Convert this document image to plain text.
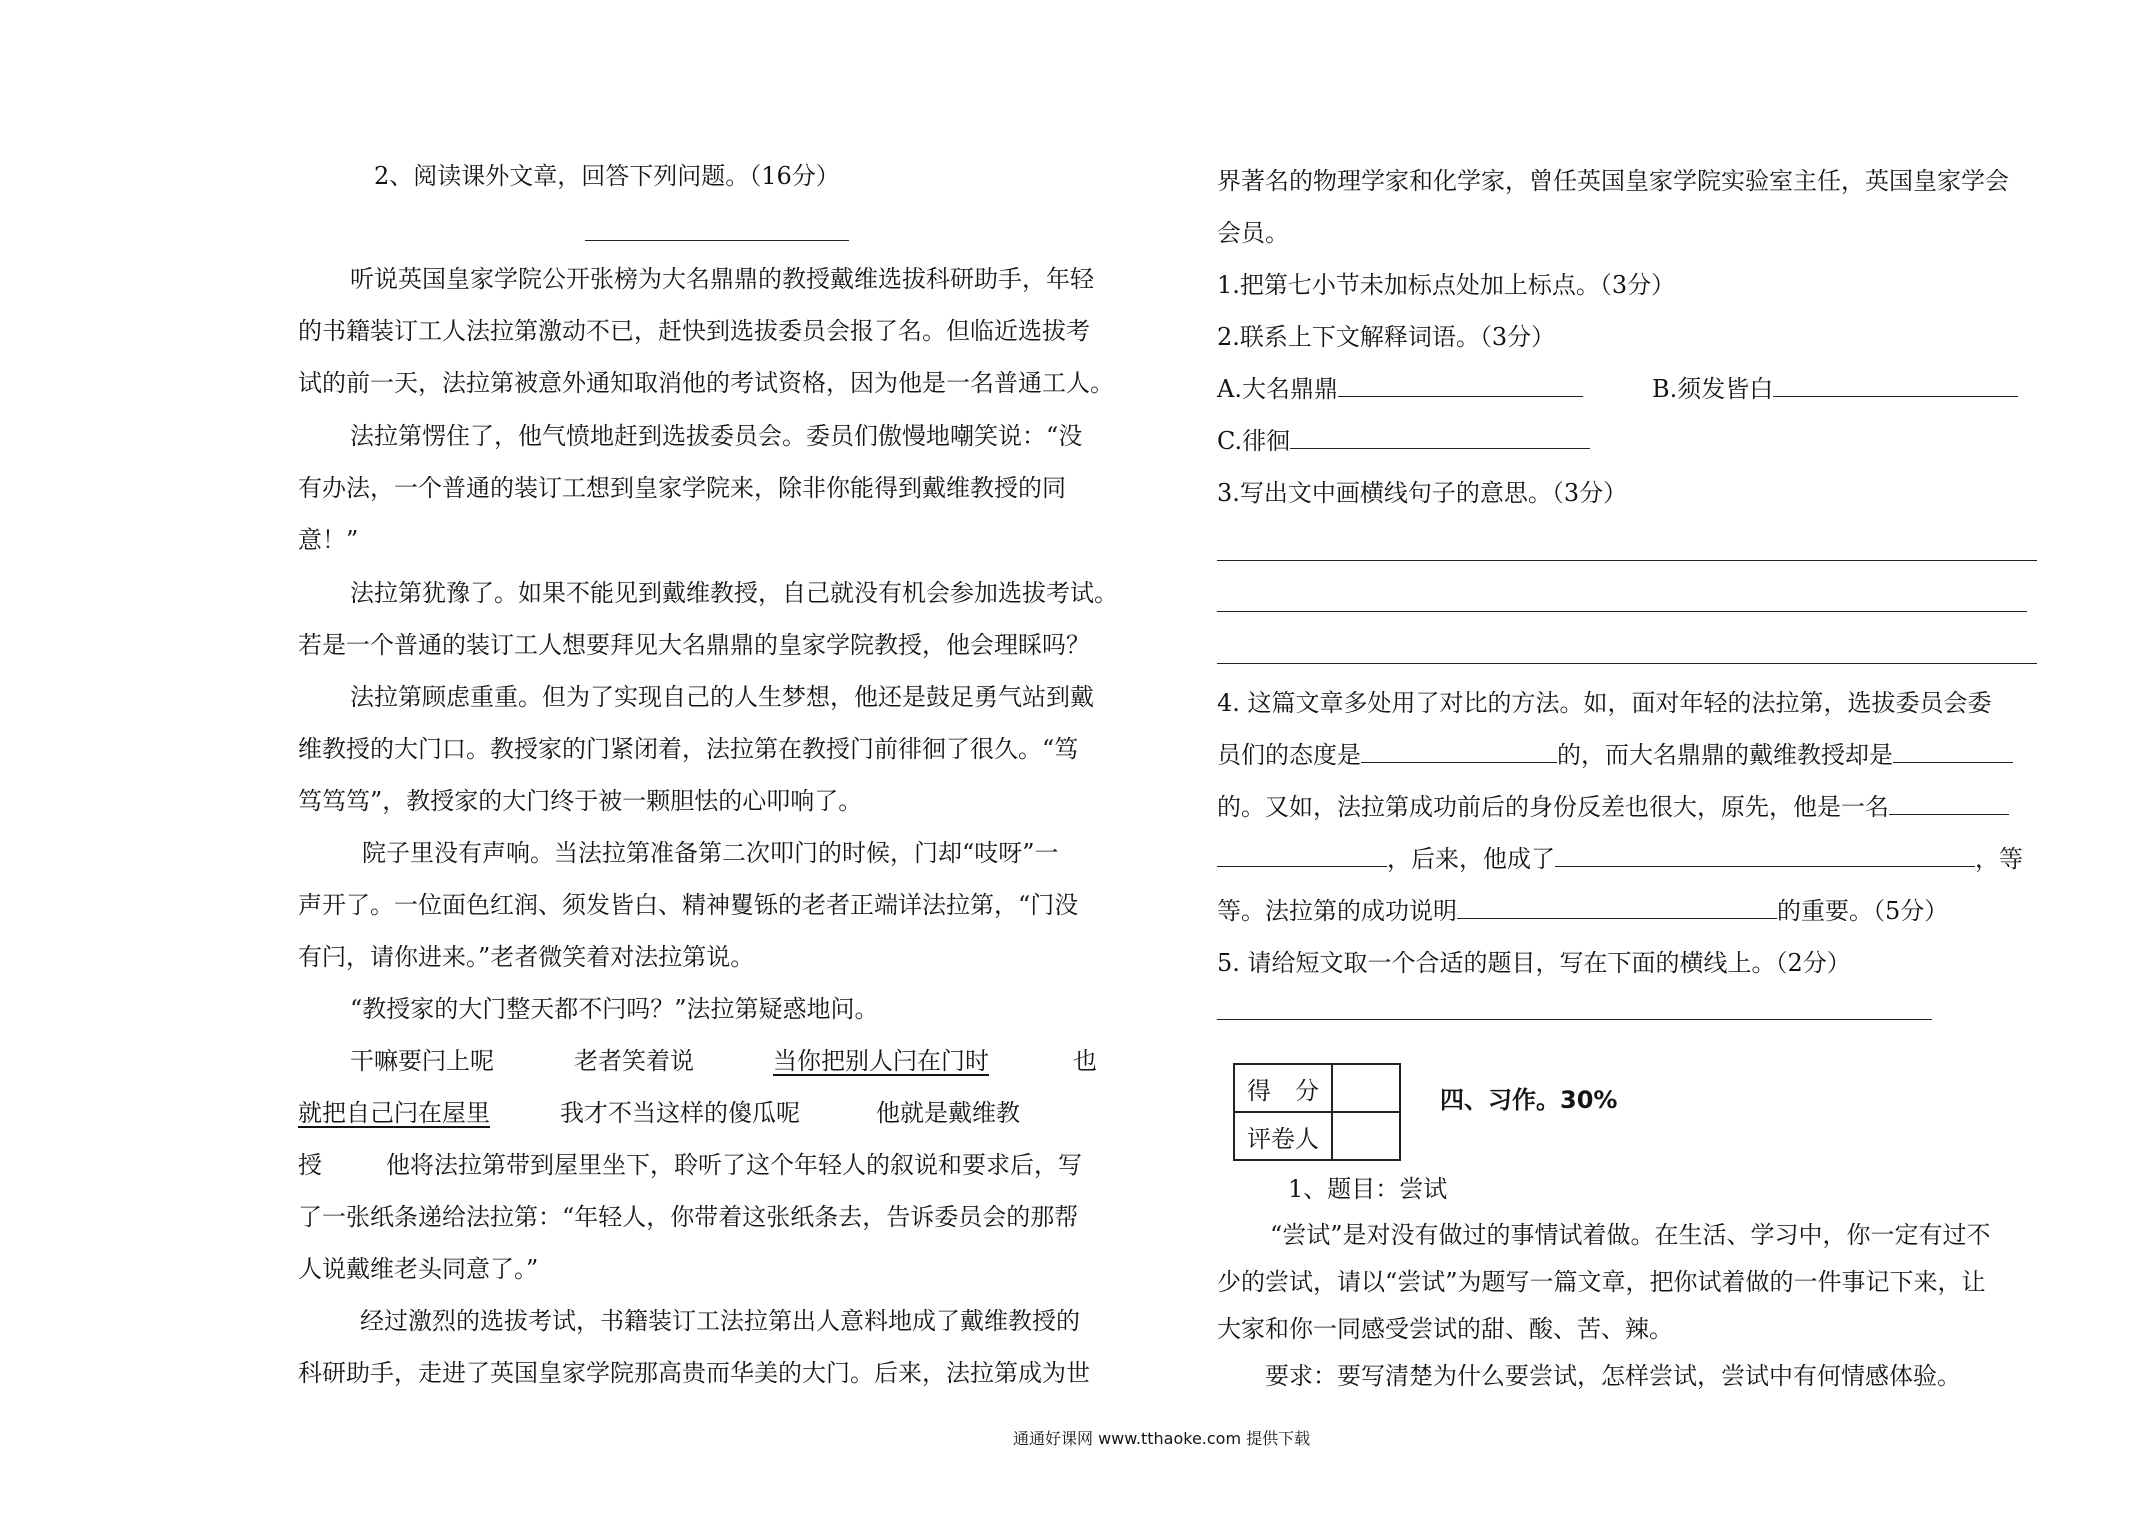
2、阅读课外文章，回答下列问题。（16分）
听说英国皇家学院公开张榜为大名鼎鼎的教授戴维选拔科研助手，年轻
的书籍装订工人法拉第激动不已，赶快到选拔委员会报了名。但临近选拔考
试的前一天，法拉第被意外通知取消他的考试资格，因为他是一名普通工人。
法拉第愣住了，他气愤地赶到选拔委员会。委员们傲慢地嘲笑说：“没
有办法，一个普通的装订工想到皇家学院来，除非你能得到戴维教授的同
意！”
法拉第犹豫了。如果不能见到戴维教授，自己就没有机会参加选拔考试。
若是一个普通的装订工人想要拜见大名鼎鼎的皇家学院教授，他会理睬吗？
法拉第顾虑重重。但为了实现自己的人生梦想，他还是鼓足勇气站到戴
维教授的大门口。教授家的门紧闭着，法拉第在教授门前徘徊了很久。“笃
笃笃笃”，教授家的大门终于被一颗胆怯的心叩响了。
院子里没有声响。当法拉第准备第二次叩门的时候，门却“吱呀”一
声开了。一位面色红润、须发皆白、精神矍铄的老者正端详法拉第，“门没
有闩，请你进来。”老者微笑着对法拉第说。
“教授家的大门整天都不闩吗？”法拉第疑惑地问。
干嘛要闩上呢	老者笑着说	当你把别人闩在门时	也
就把自己闩在屋里	我才不当这样的傻瓜呢	他就是戴维教
授	他将法拉第带到屋里坐下，聆听了这个年轻人的叙说和要求后，写
了一张纸条递给法拉第：“年轻人，你带着这张纸条去，告诉委员会的那帮
人说戴维老头同意了。”
经过激烈的选拔考试，书籍装订工法拉第出人意料地成了戴维教授的
科研助手，走进了英国皇家学院那高贵而华美的大门。后来，法拉第成为世
界著名的物理学家和化学家，曾任英国皇家学院实验室主任，英国皇家学会
会员。
1.把第七小节未加标点处加上标点。（3分）
2.联系上下文解释词语。（3分）
A.大名鼎鼎	B.须发皆白
C.徘徊
3.写出文中画横线句子的意思。（3分）
4. 这篇文章多处用了对比的方法。如，面对年轻的法拉第，选拔委员会委
员们的态度是	的，而大名鼎鼎的戴维教授却是
的。又如，法拉第成功前后的身份反差也很大，原先，他是一名
，后来，他成了	，等
等。法拉第的成功说明	的重要。（5分）
5. 请给短文取一个合适的题目，写在下面的横线上。（2分）
得　分	
评卷人	
四、习作。30%
1、题目：尝试
“尝试”是对没有做过的事情试着做。在生活、学习中，你一定有过不
少的尝试，请以“尝试”为题写一篇文章，把你试着做的一件事记下来，让
大家和你一同感受尝试的甜、酸、苦、辣。
要求：要写清楚为什么要尝试，怎样尝试，尝试中有何情感体验。
通通好课网 www.tthaoke.com 提供下载
